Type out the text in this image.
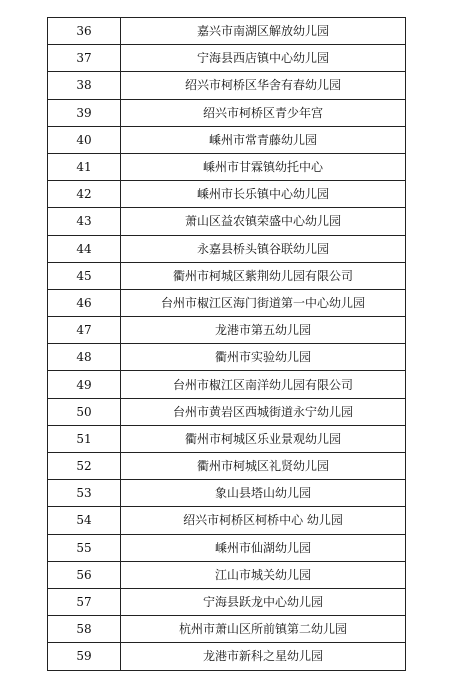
36	嘉兴市南湖区解放幼儿园
37	宁海县西店镇中心幼儿园
38	绍兴市柯桥区华舍有春幼儿园
39	绍兴市柯桥区青少年宫
40	嵊州市常青藤幼儿园
41	嵊州市甘霖镇幼托中心
42	嵊州市长乐镇中心幼儿园
43	萧山区益农镇荣盛中心幼儿园
44	永嘉县桥头镇谷联幼儿园
45	衢州市柯城区紫荆幼儿园有限公司
46	台州市椒江区海门街道第一中心幼儿园
47	龙港市第五幼儿园
48	衢州市实验幼儿园
49	台州市椒江区南洋幼儿园有限公司
50	台州市黄岩区西城街道永宁幼儿园
51	衢州市柯城区乐业景观幼儿园
52	衢州市柯城区礼贤幼儿园
53	象山县塔山幼儿园
54	绍兴市柯桥区柯桥中心 幼儿园
55	嵊州市仙湖幼儿园
56	江山市城关幼儿园
57	宁海县跃龙中心幼儿园
58	杭州市萧山区所前镇第二幼儿园
59	龙港市新科之星幼儿园
